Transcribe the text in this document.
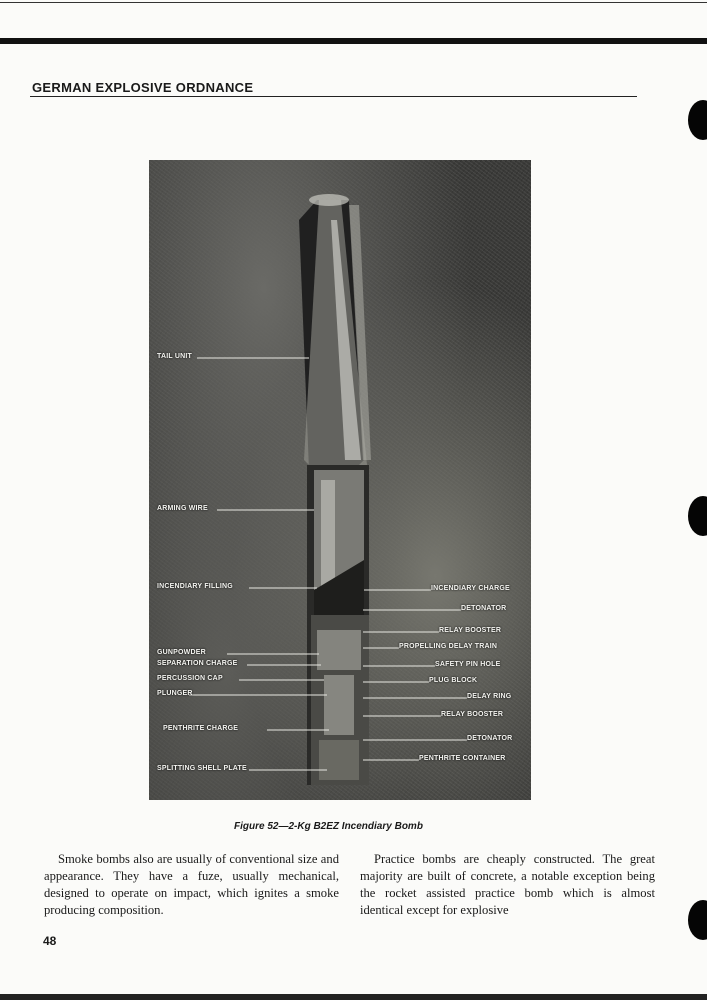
GERMAN EXPLOSIVE ORDNANCE
TAIL UNIT
ARMING WIRE
INCENDIARY FILLING
GUNPOWDER
SEPARATION CHARGE
PERCUSSION CAP
PLUNGER
PENTHRITE CHARGE
SPLITTING SHELL PLATE
INCENDIARY CHARGE
DETONATOR
RELAY BOOSTER
PROPELLING DELAY TRAIN
SAFETY PIN HOLE
PLUG BLOCK
DELAY RING
RELAY BOOSTER
DETONATOR
PENTHRITE CONTAINER
Figure 52—2-Kg B2EZ Incendiary Bomb

Smoke bombs also are usually of conventional size and appearance. They have a fuze, usually mechanical, designed to operate on impact, which ignites a smoke producing composition.

Practice bombs are cheaply constructed. The great majority are built of concrete, a notable exception being the rocket assisted practice bomb which is almost identical except for explosive

48
